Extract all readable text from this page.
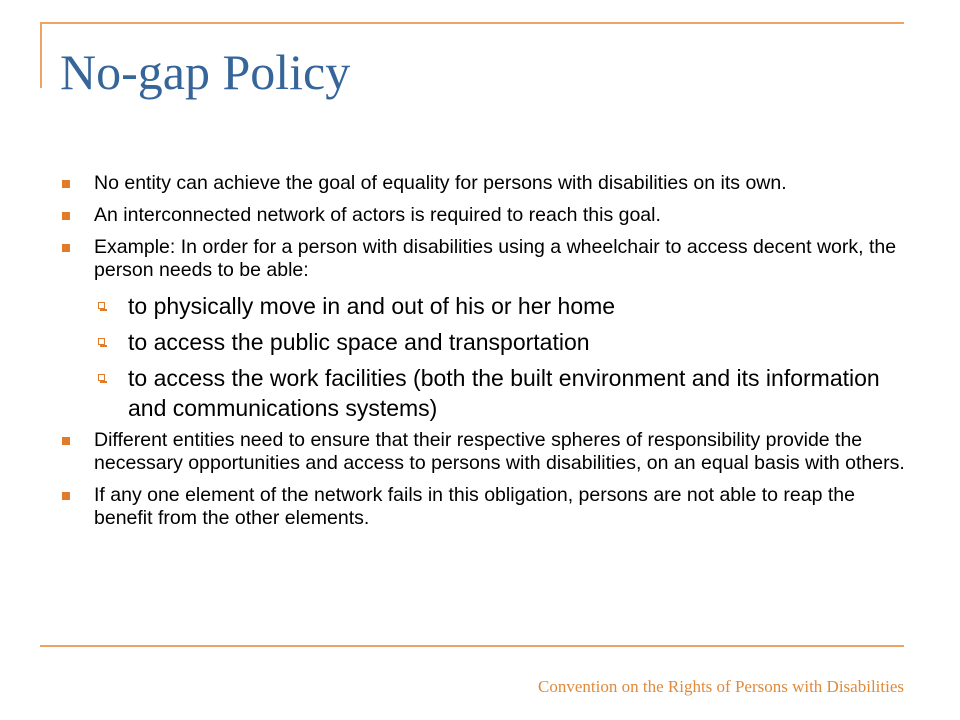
No-gap Policy
No entity can achieve the goal of equality for persons with disabilities on its own.
An interconnected network of actors is required to reach this goal.
Example: In order for a person with disabilities using a wheelchair to access decent work, the person needs to be able:
to physically move in and out of his or her home
to access the public space and transportation
to access the work facilities (both the built environment and its information and communications systems)
Different entities need to ensure that their respective spheres of responsibility provide the necessary opportunities and access to persons with disabilities, on an equal basis with others.
If any one element of the network fails in this obligation, persons are not able to reap the benefit from the other elements.

Convention on the Rights of Persons with Disabilities
